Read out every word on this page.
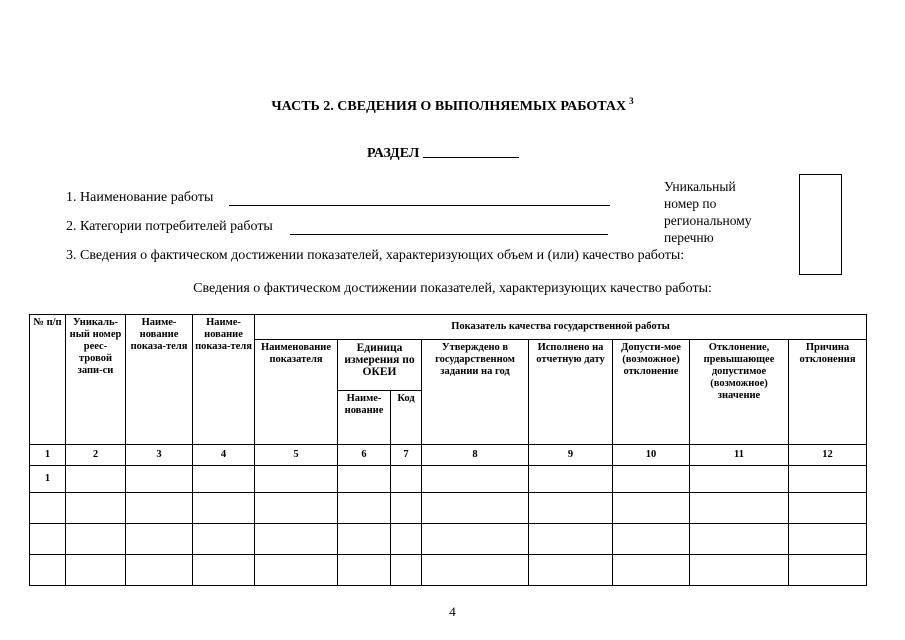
ЧАСТЬ 2. СВЕДЕНИЯ О ВЫПОЛНЯЕМЫХ РАБОТАХ $^3$
РАЗДЕЛ
1. Наименование работы
2. Категории потребителей работы
3. Сведения о фактическом достижении показателей, характеризующих объем и (или) качество работы:
Уникальный номер по региональному перечню
Сведения о фактическом достижении показателей, характеризующих качество работы:
№ п/п	Уникаль-ный номер реес-тровой запи-си	Наиме-нование показа-теля	Наиме-нование показа-теля	Показатель качества государственной работы							
				Наименование показателя	Единица измерения по ОКЕИ		Утверждено в государственном задании на год	Исполнено на отчетную дату	Допусти-мое (возможное) отклонение	Отклонение, превышающее допустимое (возможное) значение	Причина отклонения
					Наиме-нование	Код					
1	2	3	4	5	6	7	8	9	10	11	12
1											

4
